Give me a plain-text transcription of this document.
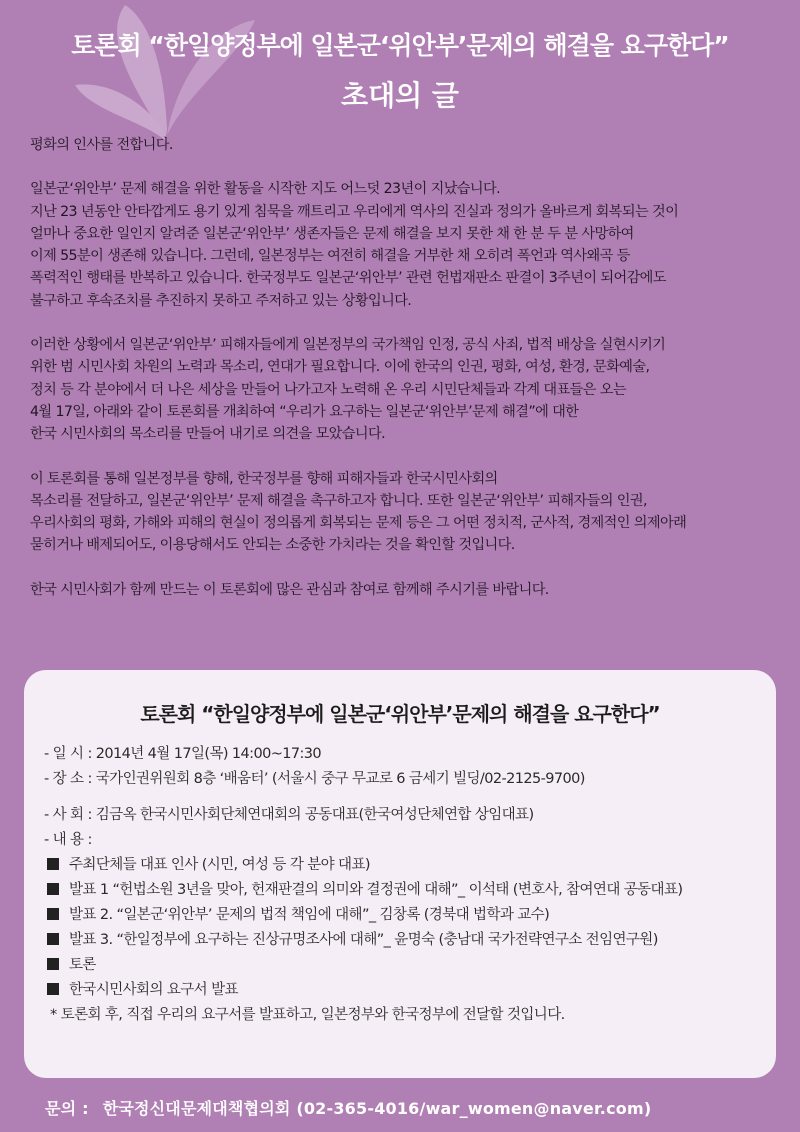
토론회 “한일양정부에 일본군‘위안부’문제의 해결을 요구한다”
초대의 글

평화의 인사를 전합니다.

일본군‘위안부’ 문제 해결을 위한 활동을 시작한 지도 어느덧 23년이 지났습니다.

지난 23 년동안 안타깝게도 용기 있게 침묵을 깨트리고 우리에게 역사의 진실과 정의가 올바르게 회복되는 것이

얼마나 중요한 일인지 알려준 일본군‘위안부’ 생존자들은 문제 해결을 보지 못한 채 한 분 두 분 사망하여

이제 55분이 생존해 있습니다. 그런데, 일본정부는 여전히 해결을 거부한 채 오히려 폭언과 역사왜곡 등

폭력적인 행태를 반복하고 있습니다. 한국정부도 일본군‘위안부’ 관련 헌법재판소 판결이 3주년이 되어감에도

불구하고 후속조치를 추진하지 못하고 주저하고 있는 상황입니다.

이러한 상황에서 일본군‘위안부’ 피해자들에게 일본정부의 국가책임 인정, 공식 사죄, 법적 배상을 실현시키기

위한 범 시민사회 차원의 노력과 목소리, 연대가 필요합니다. 이에 한국의 인권, 평화, 여성, 환경, 문화예술,

정치 등 각 분야에서 더 나은 세상을 만들어 나가고자 노력해 온 우리 시민단체들과 각계 대표들은 오는

4월 17일, 아래와 같이 토론회를 개최하여 “우리가 요구하는 일본군‘위안부’문제 해결”에 대한

한국 시민사회의 목소리를 만들어 내기로 의견을 모았습니다.

이 토론회를 통해 일본정부를 향해, 한국정부를 향해 피해자들과 한국시민사회의

목소리를 전달하고, 일본군‘위안부’ 문제 해결을 촉구하고자 합니다. 또한 일본군‘위안부’ 피해자들의 인권,

우리사회의 평화, 가해와 피해의 현실이 정의롭게 회복되는 문제 등은 그 어떤 정치적, 군사적, 경제적인 의제아래

묻히거나 배제되어도, 이용당해서도 안되는 소중한 가치라는 것을 확인할 것입니다.

한국 시민사회가 함께 만드는 이 토론회에 많은 관심과 참여로 함께해 주시기를 바랍니다.

토론회 “한일양정부에 일본군‘위안부’문제의 해결을 요구한다”
- 일 시 : 2014년 4월 17일(목) 14:00~17:30
- 장 소 : 국가인권위원회 8층 ‘배움터’ (서울시 중구 무교로 6 금세기 빌딩/02-2125-9700)
- 사 회 : 김금옥 한국시민사회단체연대회의 공동대표(한국여성단체연합 상임대표)
- 내 용 :
주최단체들 대표 인사 (시민, 여성 등 각 분야 대표)
발표 1 “헌법소원 3년을 맞아, 헌재판결의 의미와 결정권에 대해”_ 이석태 (변호사, 참여연대 공동대표)
발표 2. “일본군‘위안부’ 문제의 법적 책임에 대해”_ 김창록 (경북대 법학과 교수)
발표 3. “한일정부에 요구하는 진상규명조사에 대해”_ 윤명숙 (충남대 국가전략연구소 전임연구원)
토론
한국시민사회의 요구서 발표
* 토론회 후, 직접 우리의 요구서를 발표하고, 일본정부와 한국정부에 전달할 것입니다.
문의 : 한국정신대문제대책협의회 (02-365-4016/war_women@naver.com)
